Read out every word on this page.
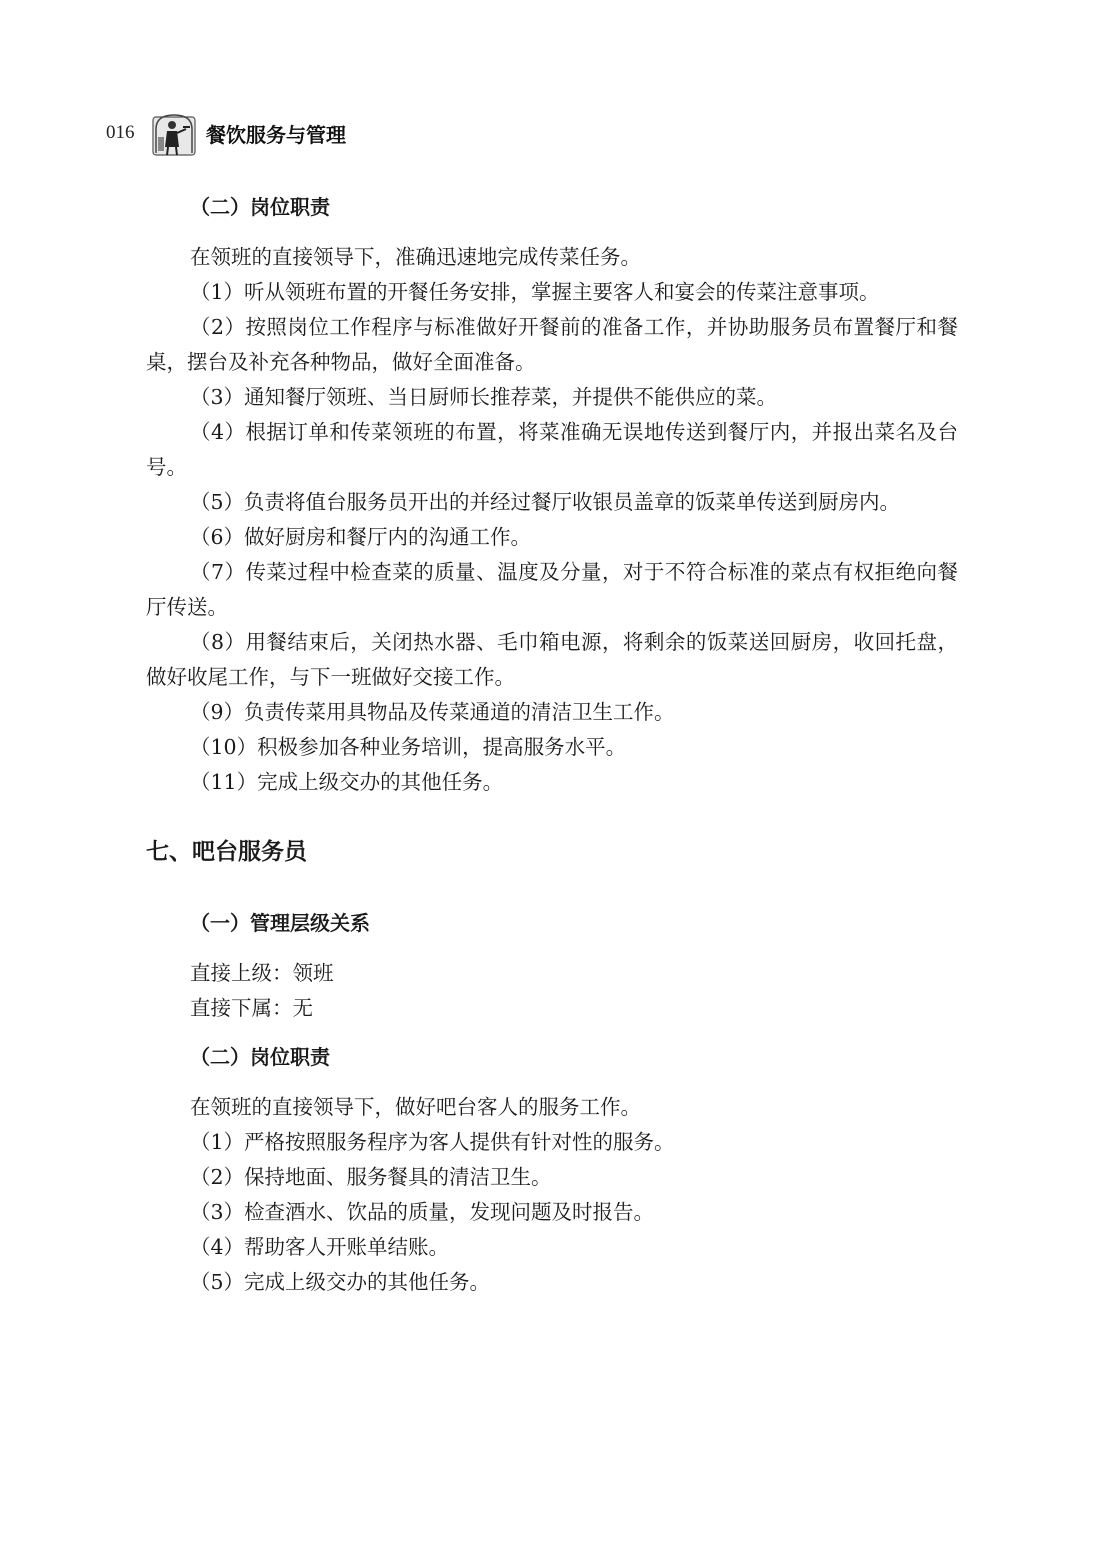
016	餐饮服务与管理
（二）岗位职责

在领班的直接领导下，准确迅速地完成传菜任务。

（1）听从领班布置的开餐任务安排，掌握主要客人和宴会的传菜注意事项。

（2）按照岗位工作程序与标准做好开餐前的准备工作，并协助服务员布置餐厅和餐桌，摆台及补充各种物品，做好全面准备。

（3）通知餐厅领班、当日厨师长推荐菜，并提供不能供应的菜。

（4）根据订单和传菜领班的布置，将菜准确无误地传送到餐厅内，并报出菜名及台号。

（5）负责将值台服务员开出的并经过餐厅收银员盖章的饭菜单传送到厨房内。

（6）做好厨房和餐厅内的沟通工作。

（7）传菜过程中检查菜的质量、温度及分量，对于不符合标准的菜点有权拒绝向餐厅传送。

（8）用餐结束后，关闭热水器、毛巾箱电源，将剩余的饭菜送回厨房，收回托盘，做好收尾工作，与下一班做好交接工作。

（9）负责传菜用具物品及传菜通道的清洁卫生工作。

（10）积极参加各种业务培训，提高服务水平。

（11）完成上级交办的其他任务。

七、吧台服务员
（一）管理层级关系

直接上级：领班

直接下属：无

（二）岗位职责

在领班的直接领导下，做好吧台客人的服务工作。

（1）严格按照服务程序为客人提供有针对性的服务。

（2）保持地面、服务餐具的清洁卫生。

（3）检查酒水、饮品的质量，发现问题及时报告。

（4）帮助客人开账单结账。

（5）完成上级交办的其他任务。
